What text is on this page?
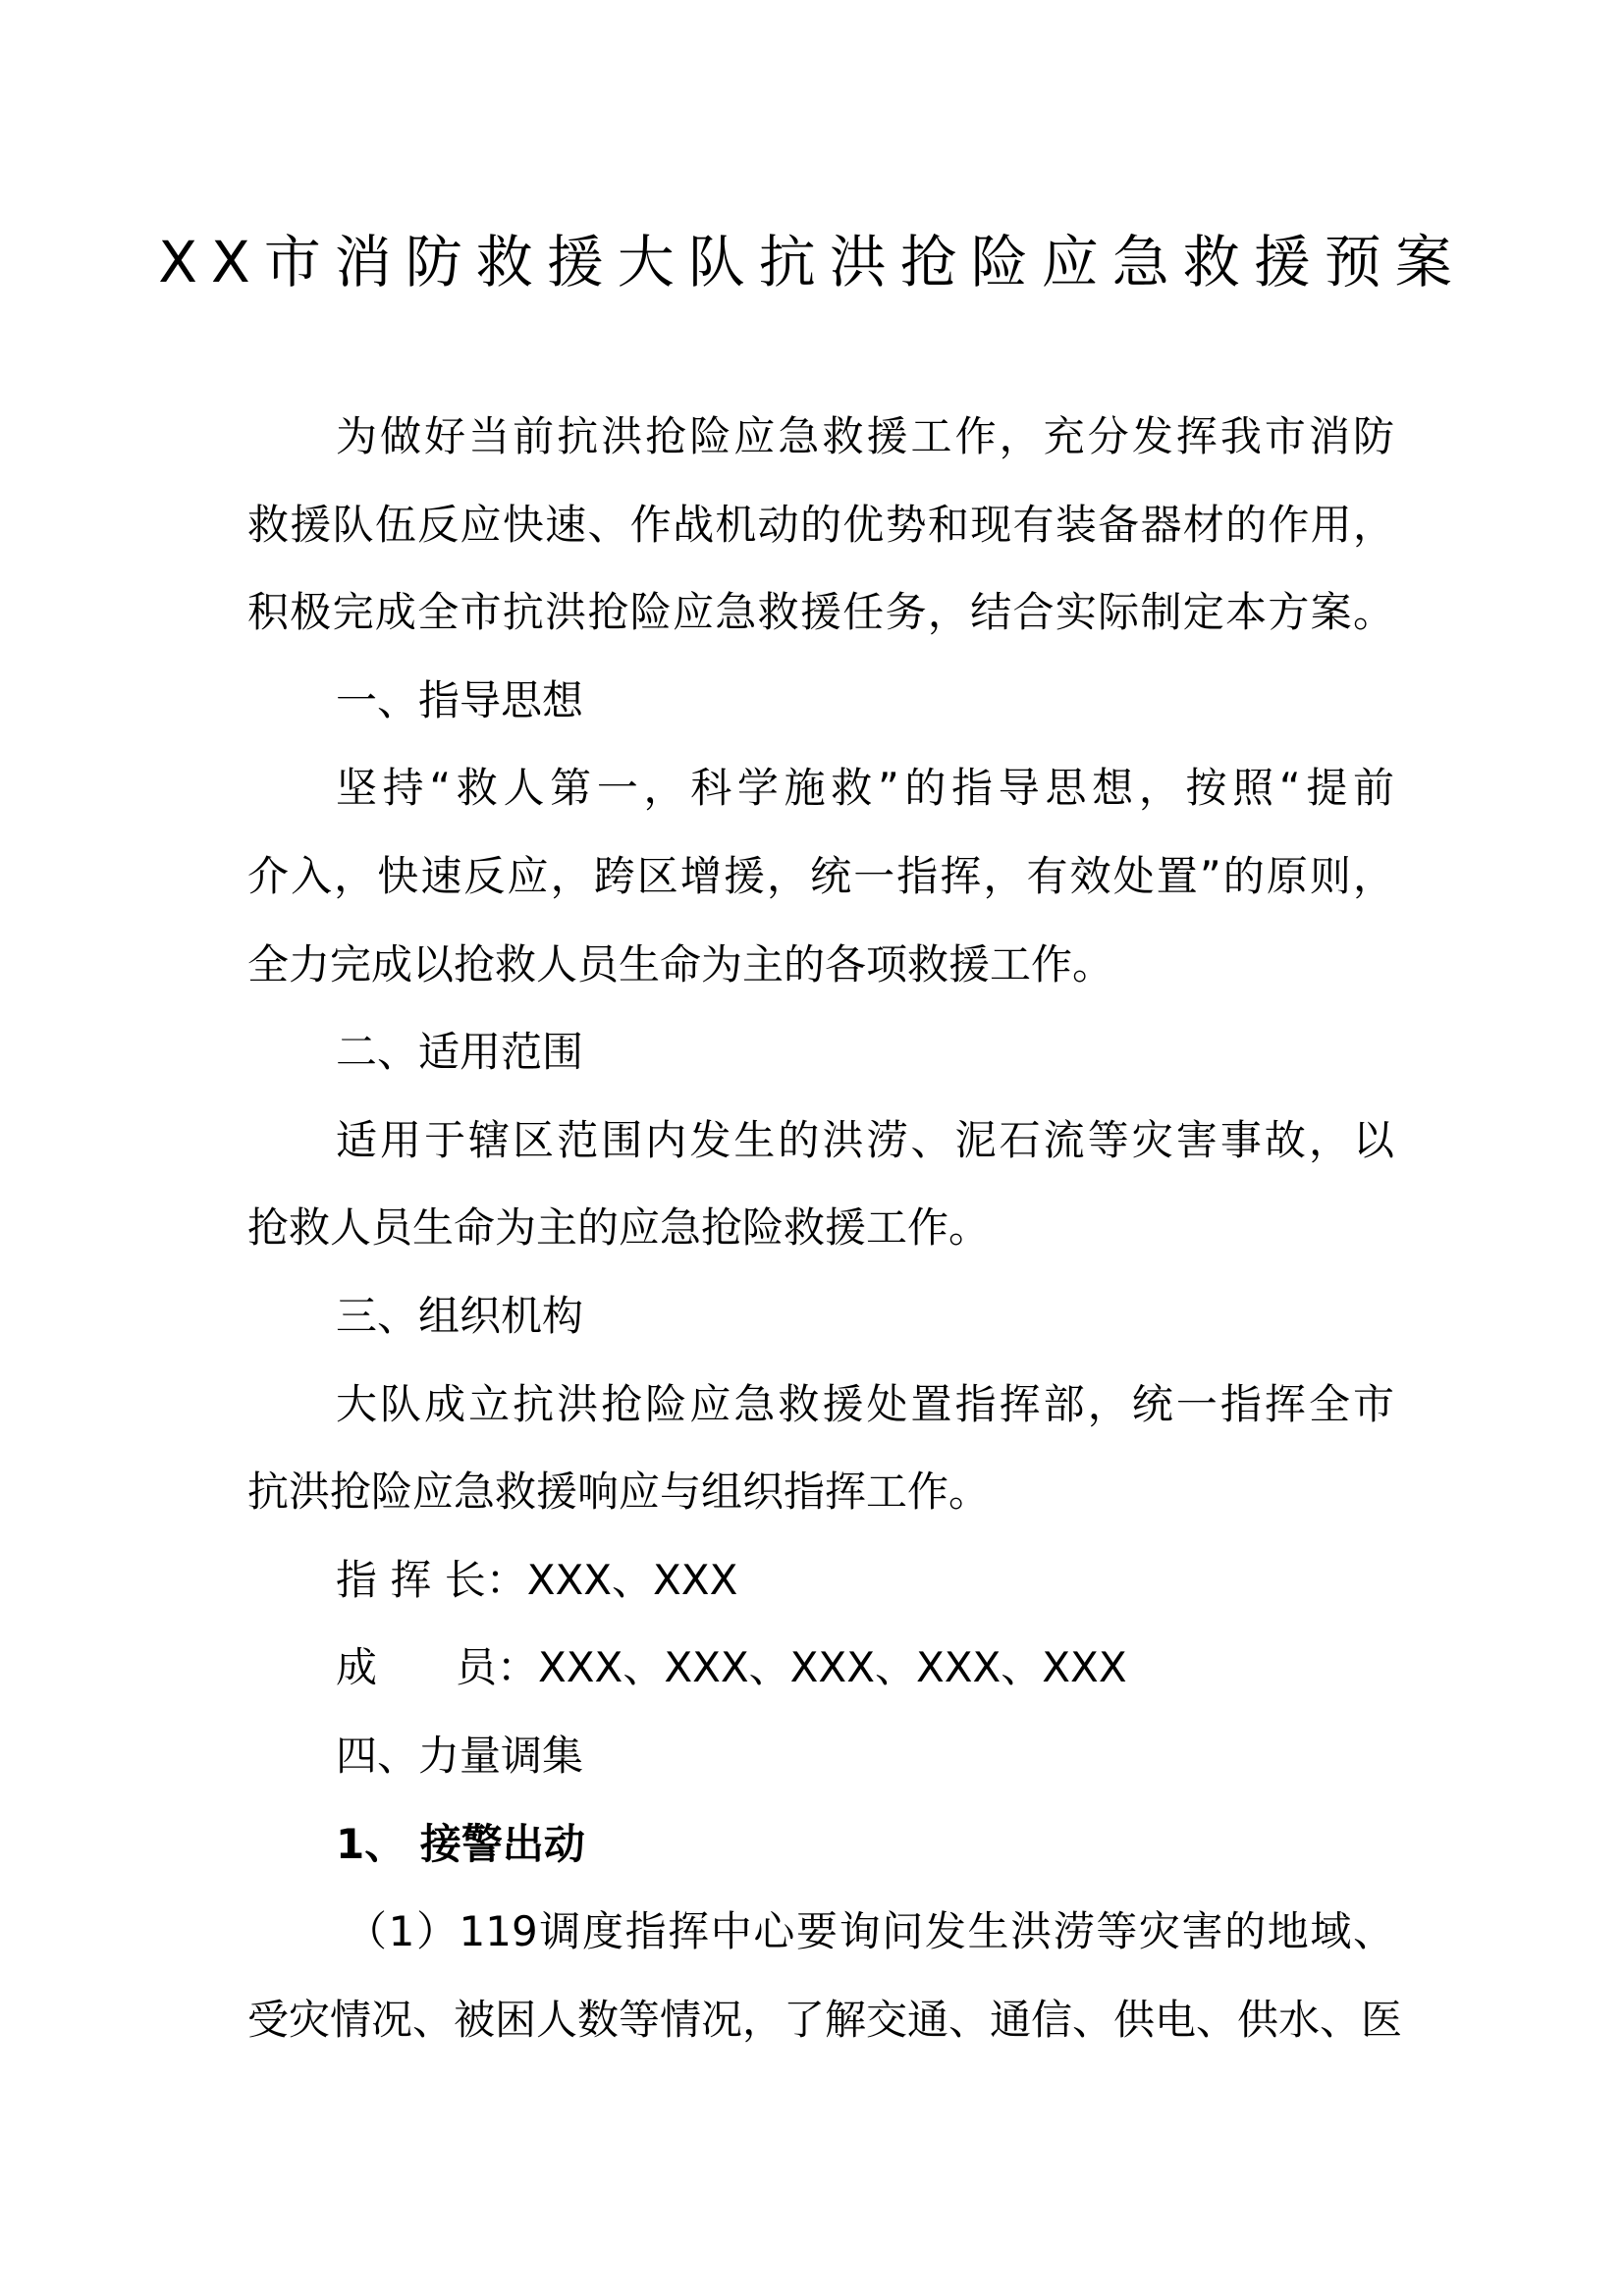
XX市消防救援大队抗洪抢险应急救援预案
为做好当前抗洪抢险应急救援工作，充分发挥我市消防
救援队伍反应快速、作战机动的优势和现有装备器材的作用，
积极完成全市抗洪抢险应急救援任务，结合实际制定本方案。
一、指导思想
坚持“救人第一，科学施救”的指导思想，按照“提前
介入，快速反应，跨区增援，统一指挥，有效处置”的原则，
全力完成以抢救人员生命为主的各项救援工作。
二、适用范围
适用于辖区范围内发生的洪涝、泥石流等灾害事故，以
抢救人员生命为主的应急抢险救援工作。
三、组织机构
大队成立抗洪抢险应急救援处置指挥部，统一指挥全市
抗洪抢险应急救援响应与组织指挥工作。
指 挥 长：XXX、XXX
成 员：XXX、XXX、XXX、XXX、XXX
四、力量调集
1、 接警出动
（1）119调度指挥中心要询问发生洪涝等灾害的地域、
受灾情况、被困人数等情况，了解交通、通信、供电、供水、医
